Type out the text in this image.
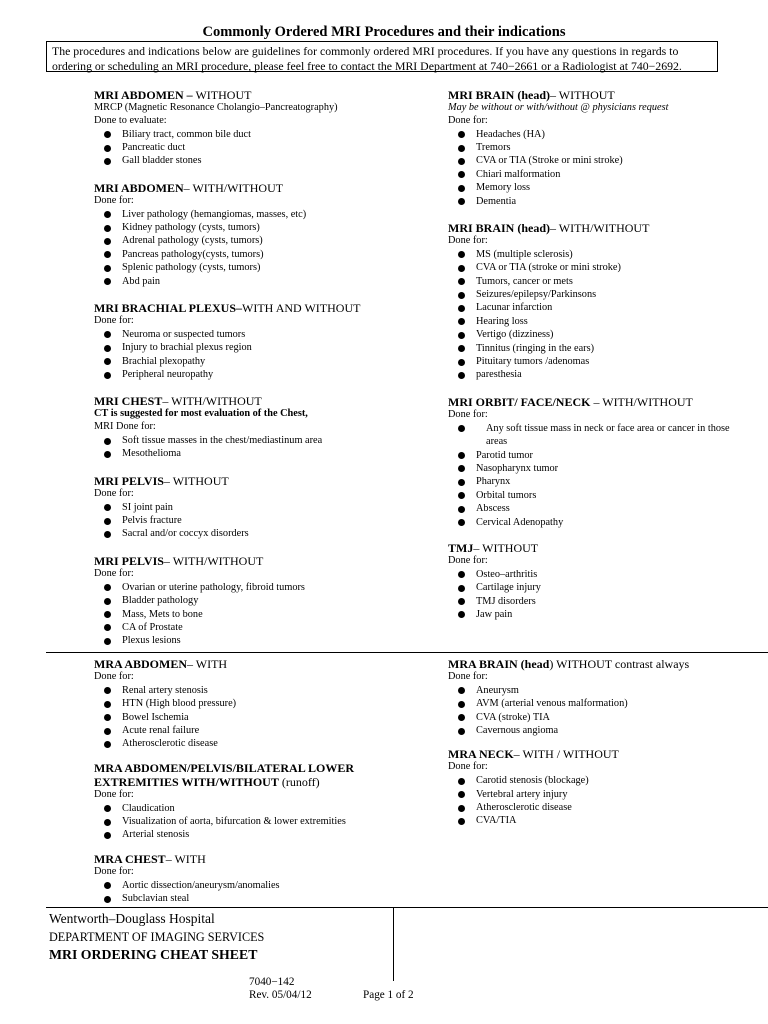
Commonly Ordered MRI Procedures and their indications
The procedures and indications below are guidelines for commonly ordered MRI procedures. If you have any questions in regards to ordering or scheduling an MRI procedure, please feel free to contact the MRI Department at 740−2661 or a Radiologist at 740−2692.
MRI ABDOMEN – WITHOUT
MRCP (Magnetic Resonance Cholangio–Pancreatography)
Done to evaluate:
Biliary tract, common bile duct
Pancreatic duct
Gall bladder stones
MRI ABDOMEN– WITH/WITHOUT
Done for:
Liver pathology (hemangiomas, masses, etc)
Kidney pathology (cysts, tumors)
Adrenal pathology (cysts, tumors)
Pancreas pathology(cysts, tumors)
Splenic pathology (cysts, tumors)
Abd pain
MRI BRACHIAL PLEXUS–WITH AND WITHOUT
Done for:
Neuroma or suspected tumors
Injury to brachial plexus region
Brachial plexopathy
Peripheral neuropathy
MRI CHEST– WITH/WITHOUT
CT is suggested for most evaluation of the Chest,
MRI Done for:
Soft tissue masses in the chest/mediastinum area
Mesothelioma
MRI PELVIS– WITHOUT
Done for:
SI joint pain
Pelvis fracture
Sacral and/or coccyx disorders
MRI PELVIS– WITH/WITHOUT
Done for:
Ovarian or uterine pathology, fibroid tumors
Bladder pathology
Mass, Mets to bone
CA of Prostate
Plexus lesions
MRI BRAIN (head)– WITHOUT
May be without or with/without @ physicians request
Done for:
Headaches (HA)
Tremors
CVA or TIA (Stroke or mini stroke)
Chiari malformation
Memory loss
Dementia
MRI BRAIN (head)– WITH/WITHOUT
Done for:
MS (multiple sclerosis)
CVA or TIA (stroke or mini stroke)
Tumors, cancer or mets
Seizures/epilepsy/Parkinsons
Lacunar infarction
Hearing loss
Vertigo (dizziness)
Tinnitus (ringing in the ears)
Pituitary tumors /adenomas
paresthesia
MRI ORBIT/ FACE/NECK – WITH/WITHOUT
Done for:
Any soft tissue mass in neck or face area or cancer in those areas
Parotid tumor
Nasopharynx tumor
Pharynx
Orbital tumors
Abscess
Cervical Adenopathy
TMJ– WITHOUT
Done for:
Osteo–arthritis
Cartilage injury
TMJ disorders
Jaw pain
MRA ABDOMEN– WITH
Done for:
Renal artery stenosis
HTN (High blood pressure)
Bowel Ischemia
Acute renal failure
Atherosclerotic disease
MRA ABDOMEN/PELVIS/BILATERAL LOWER
EXTREMITIES WITH/WITHOUT (runoff)
Done for:
Claudication
Visualization of aorta, bifurcation & lower extremities
Arterial stenosis
MRA CHEST– WITH
Done for:
Aortic dissection/aneurysm/anomalies
Subclavian steal
MRA BRAIN (head) WITHOUT contrast always
Done for:
Aneurysm
AVM (arterial venous malformation)
CVA (stroke) TIA
Cavernous angioma
MRA NECK– WITH / WITHOUT
Done for:
Carotid stenosis (blockage)
Vertebral artery injury
Atherosclerotic disease
CVA/TIA
Wentworth–Douglass Hospital
DEPARTMENT OF IMAGING SERVICES
MRI ORDERING CHEAT SHEET
7040−142
Rev. 05/04/12	Page 1 of 2
